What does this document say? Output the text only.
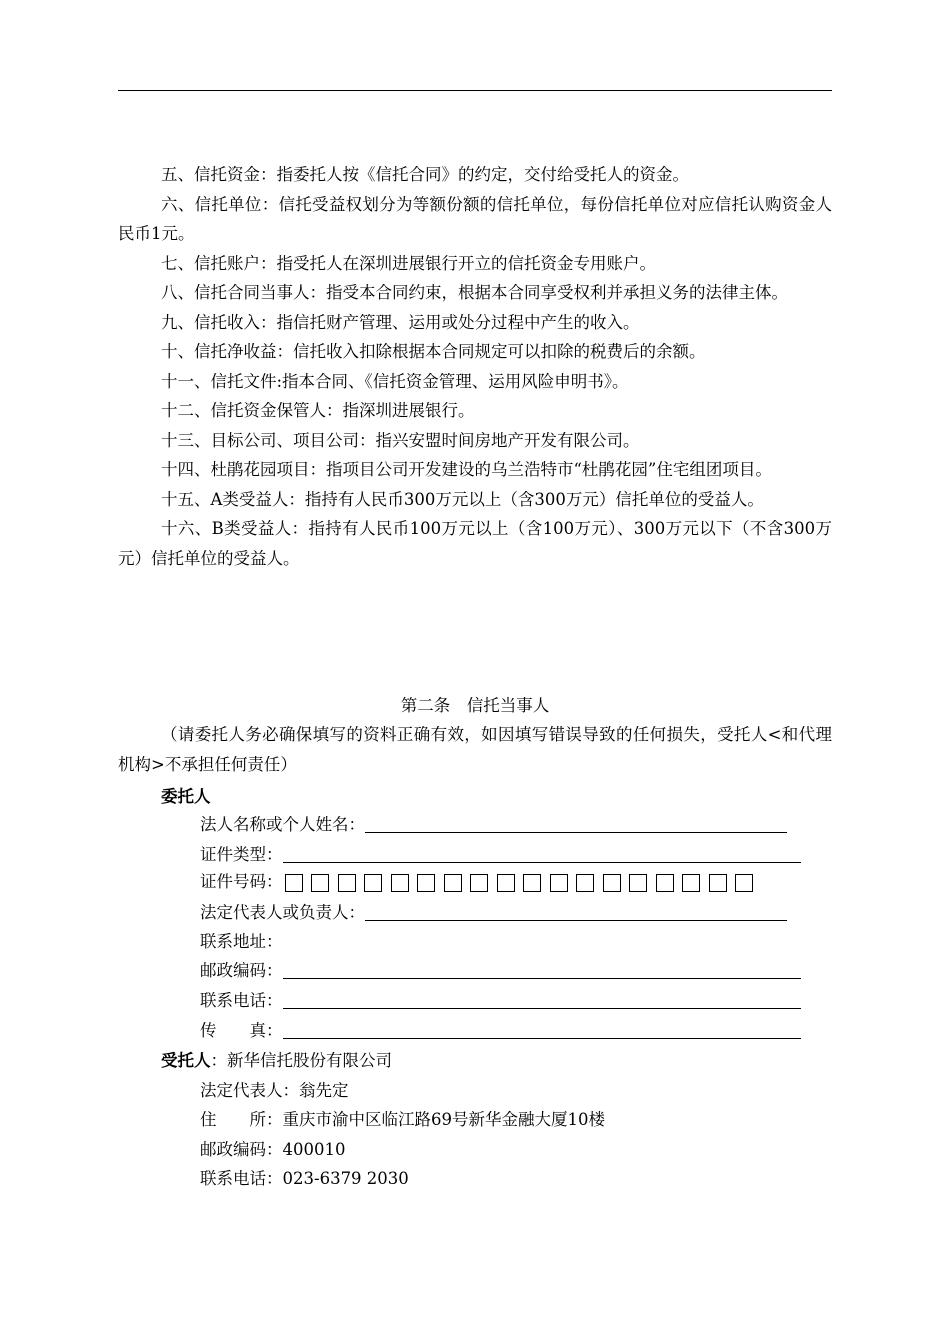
五、信托资金：指委托人按《信托合同》的约定，交付给受托人的资金。

六、信托单位：信托受益权划分为等额份额的信托单位，每份信托单位对应信托认购资金人民币1元。

七、信托账户：指受托人在深圳进展银行开立的信托资金专用账户。

八、信托合同当事人：指受本合同约束，根据本合同享受权利并承担义务的法律主体。

九、信托收入：指信托财产管理、运用或处分过程中产生的收入。

十、信托净收益：信托收入扣除根据本合同规定可以扣除的税费后的余额。

十一、信托文件:指本合同、《信托资金管理、运用风险申明书》。

十二、信托资金保管人：指深圳进展银行。

十三、目标公司、项目公司：指兴安盟时间房地产开发有限公司。

十四、杜鹃花园项目：指项目公司开发建设的乌兰浩特市“杜鹃花园”住宅组团项目。

十五、A类受益人：指持有人民币300万元以上（含300万元）信托单位的受益人。

十六、B类受益人：指持有人民币100万元以上（含100万元）、300万元以下（不含300万元）信托单位的受益人。

第二条　信托当事人
（请委托人务必确保填写的资料正确有效，如因填写错误导致的任何损失，受托人<和代理机构>不承担任何责任）
委托人
法人名称或个人姓名：
证件类型：
证件号码：
法定代表人或负责人：
联系地址：
邮政编码：
联系电话：
传　　真：
受托人：新华信托股份有限公司
法定代表人：翁先定
住　　所：重庆市渝中区临江路69号新华金融大厦10楼
邮政编码：400010
联系电话：023-6379 2030
